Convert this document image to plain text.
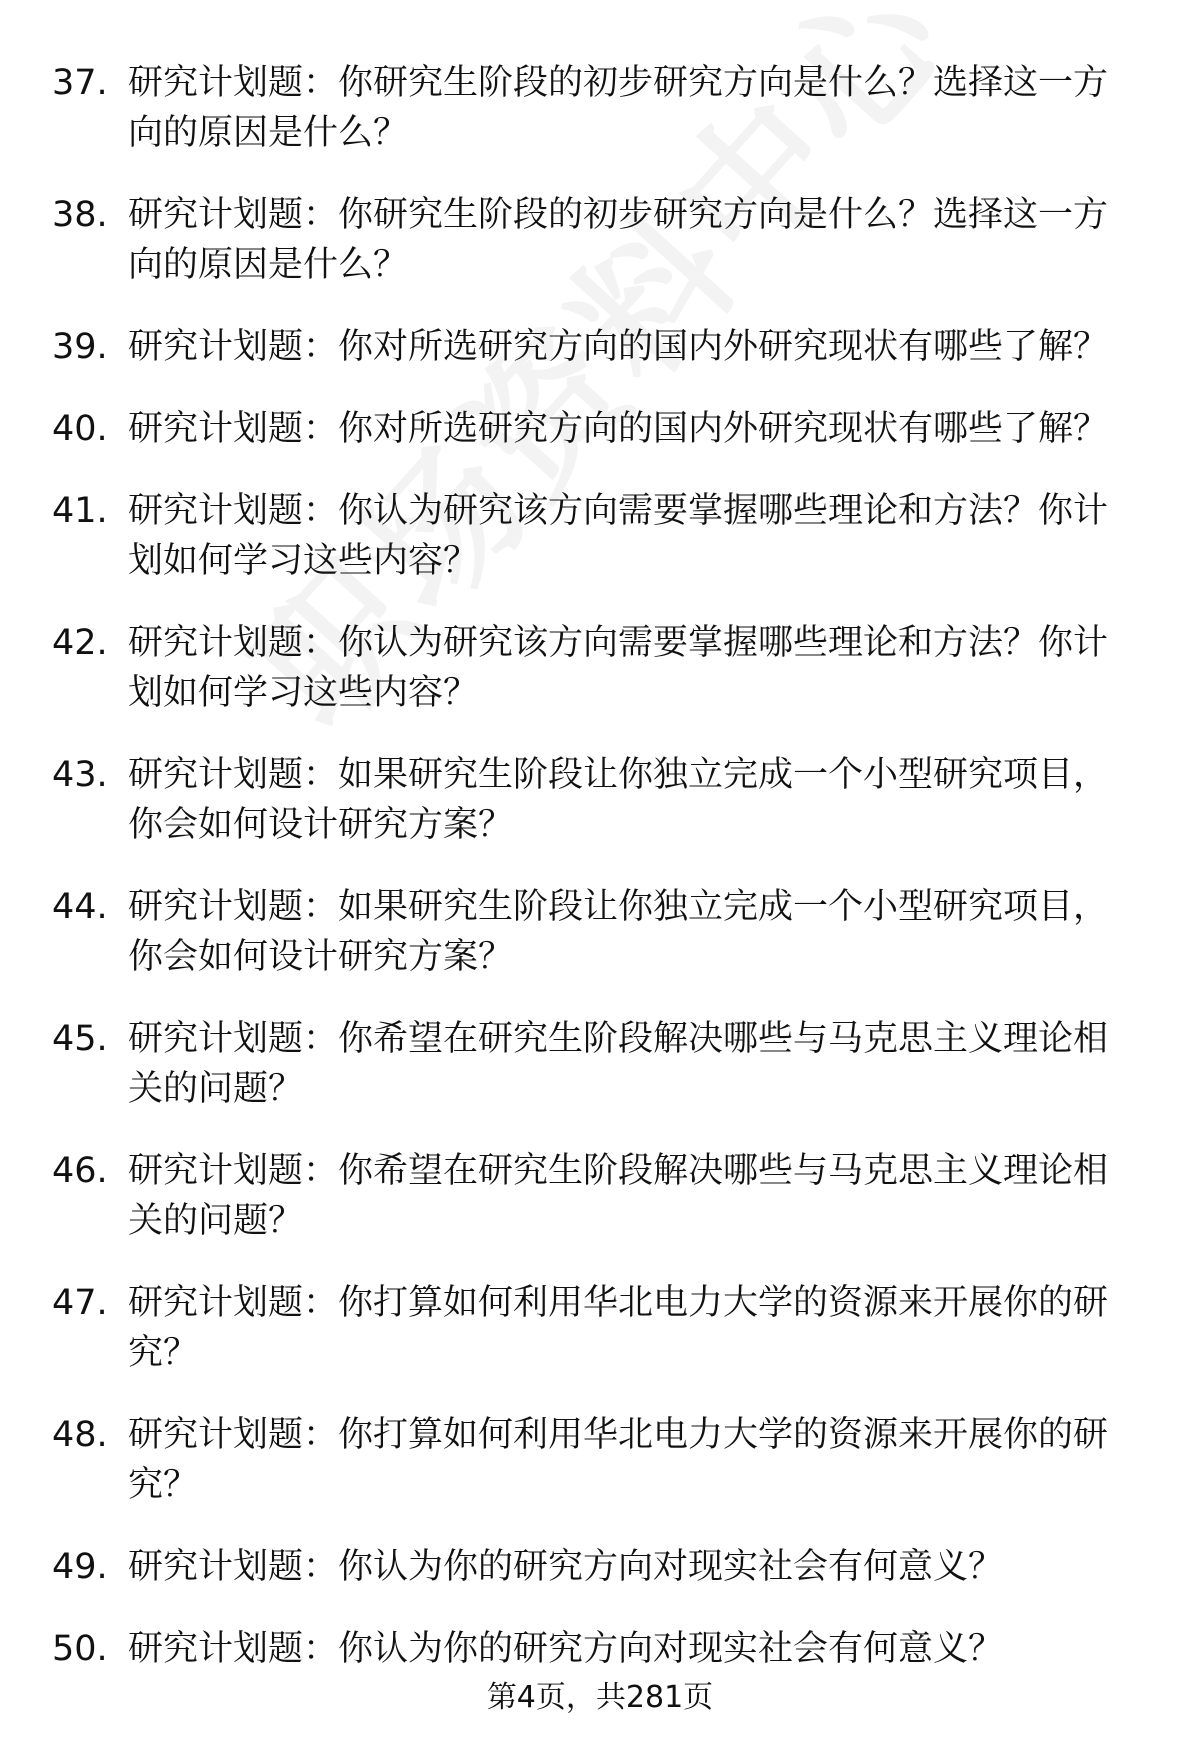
37. 研究计划题：你研究生阶段的初步研究方向是什么？选择这一方向的原因是什么？
38. 研究计划题：你研究生阶段的初步研究方向是什么？选择这一方向的原因是什么？
39. 研究计划题：你对所选研究方向的国内外研究现状有哪些了解？
40. 研究计划题：你对所选研究方向的国内外研究现状有哪些了解？
41. 研究计划题：你认为研究该方向需要掌握哪些理论和方法？你计划如何学习这些内容？
42. 研究计划题：你认为研究该方向需要掌握哪些理论和方法？你计划如何学习这些内容？
43. 研究计划题：如果研究生阶段让你独立完成一个小型研究项目，你会如何设计研究方案？
44. 研究计划题：如果研究生阶段让你独立完成一个小型研究项目，你会如何设计研究方案？
45. 研究计划题：你希望在研究生阶段解决哪些与马克思主义理论相关的问题？
46. 研究计划题：你希望在研究生阶段解决哪些与马克思主义理论相关的问题？
47. 研究计划题：你打算如何利用华北电力大学的资源来开展你的研究？
48. 研究计划题：你打算如何利用华北电力大学的资源来开展你的研究？
49. 研究计划题：你认为你的研究方向对现实社会有何意义？
50. 研究计划题：你认为你的研究方向对现实社会有何意义？
第4页，共281页
